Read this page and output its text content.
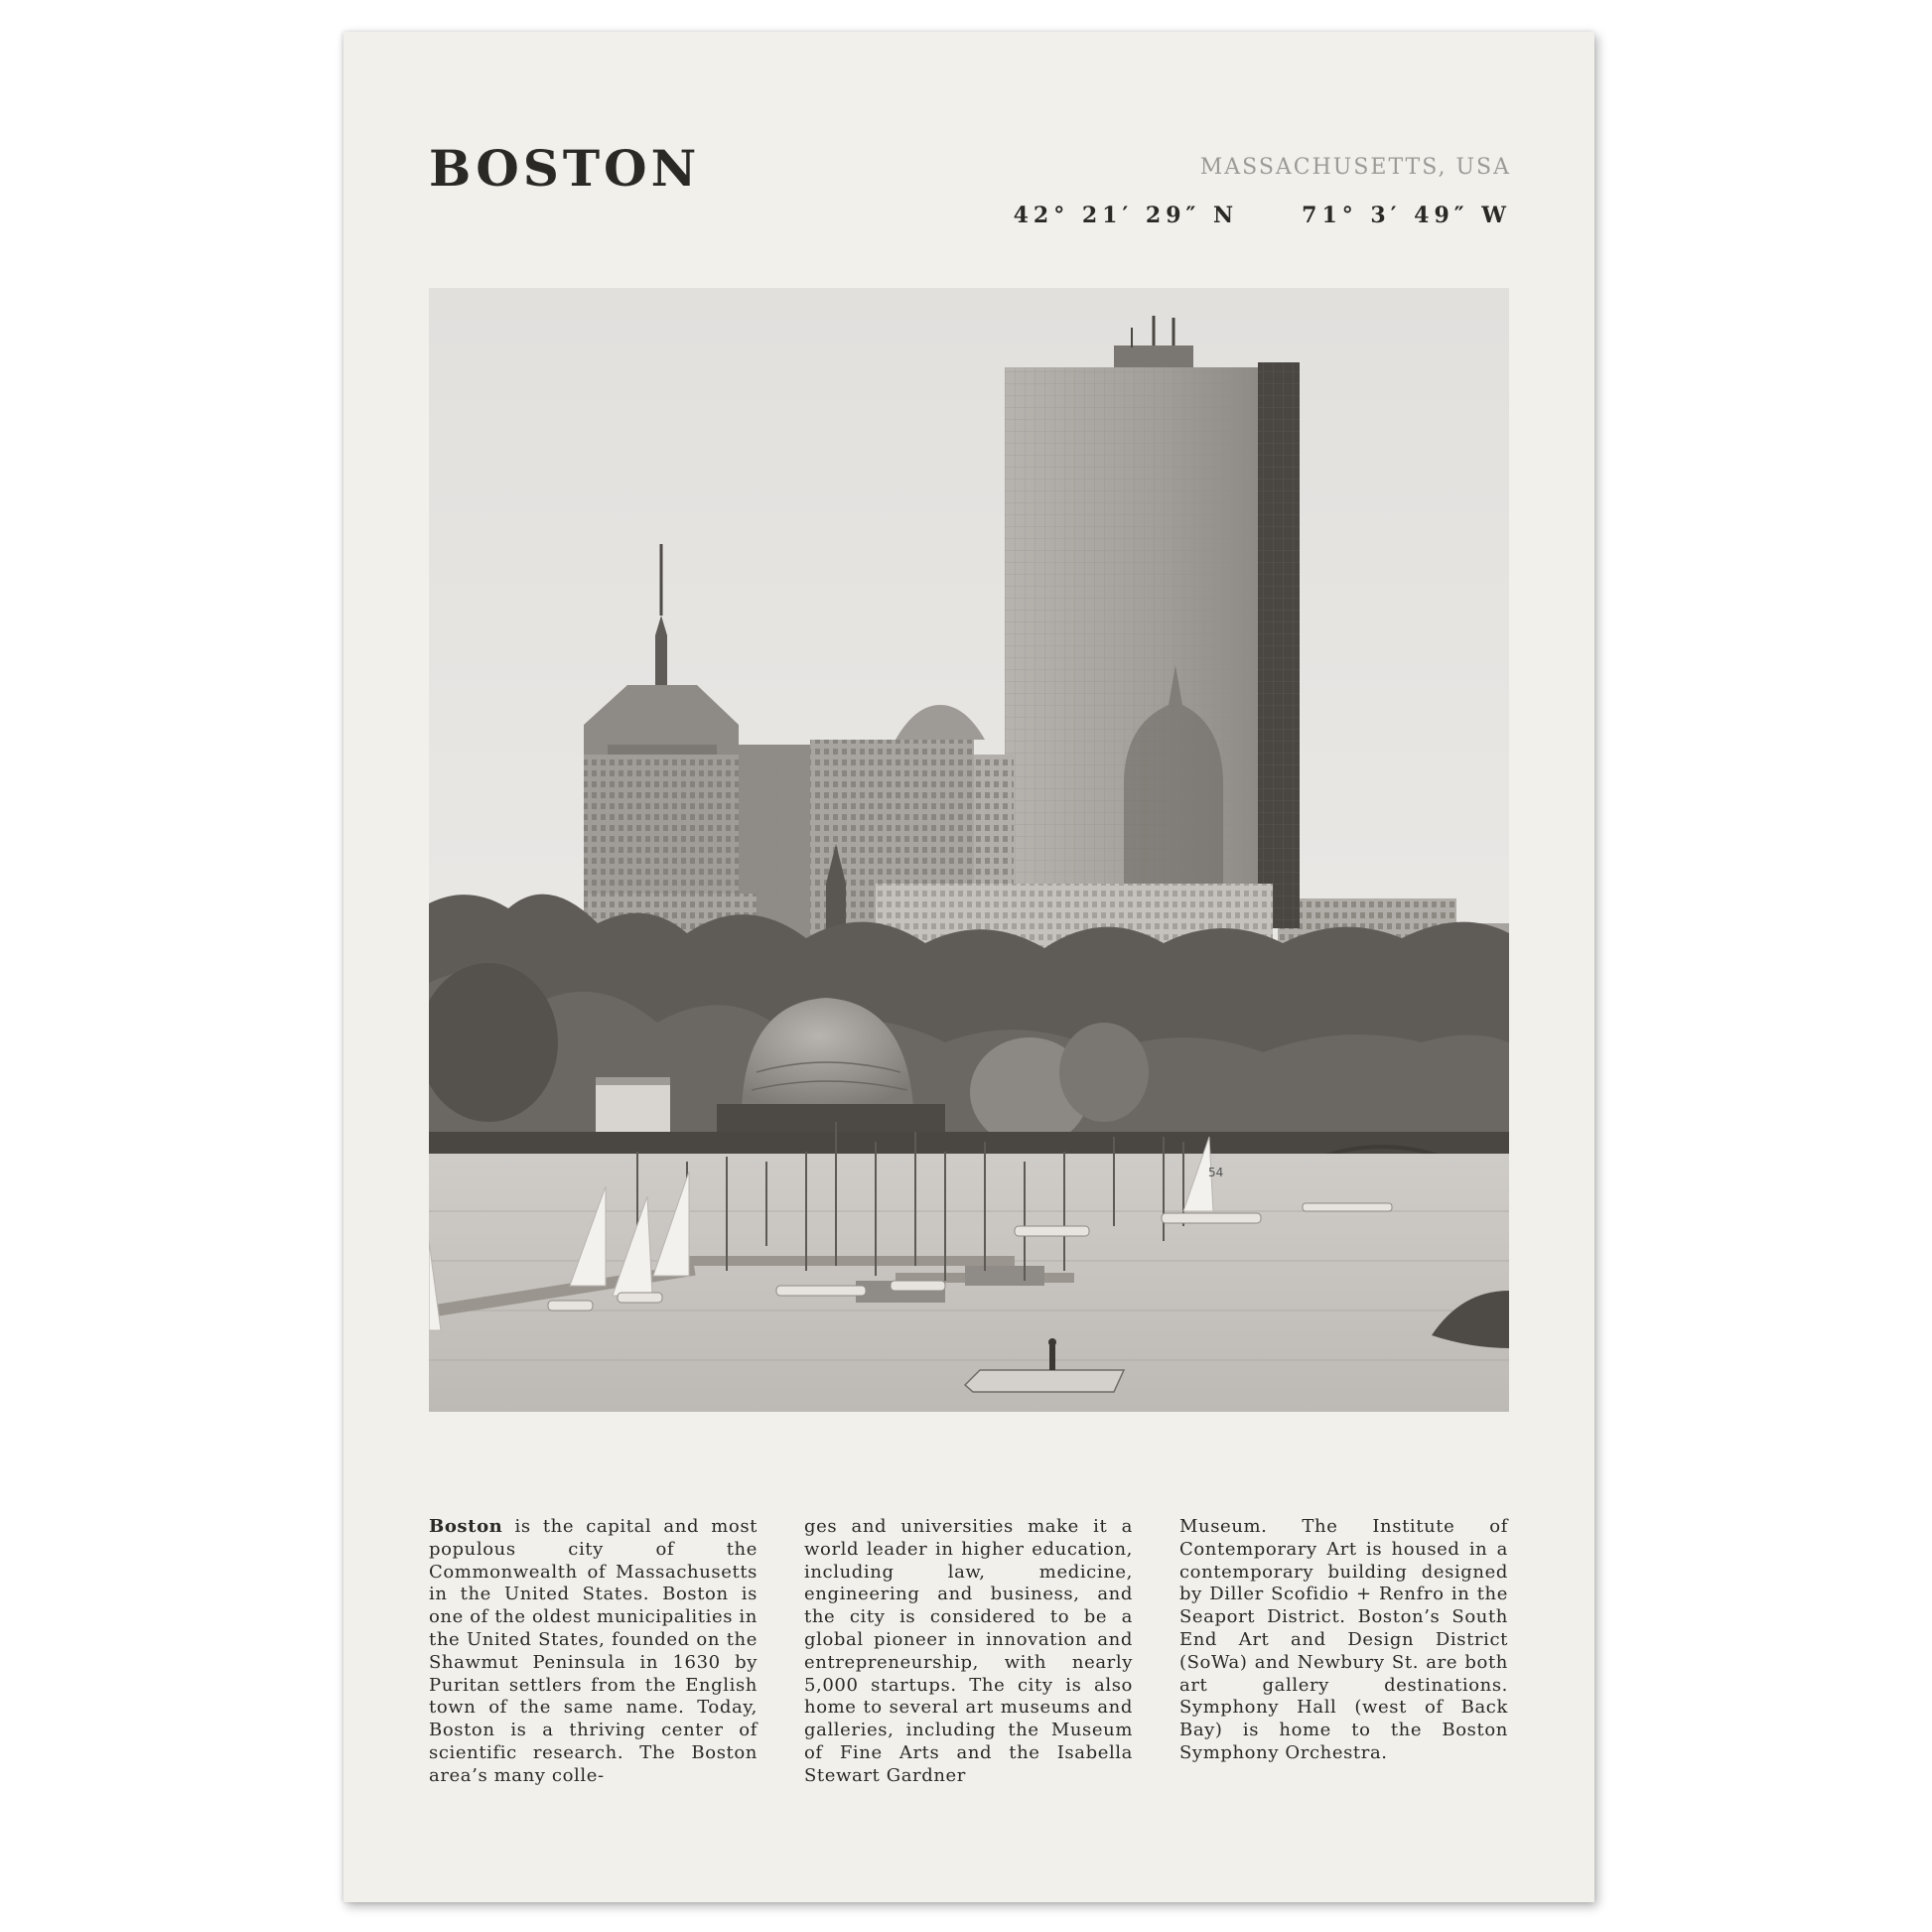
BOSTON	MASSACHUSETTS, USA
42° 21′ 29″ N	71° 3′ 49″ W
54
Boston is the capital and most populous city of the Commonwealth of Massachusetts in the United States. Boston is one of the oldest municipalities in the United States, founded on the Shawmut Peninsula in 1630 by Puritan settlers from the English town of the same name. Today, Boston is a thriving center of scientific research. The Boston area’s many colle-
ges and universities make it a world leader in higher education, including law, medicine, engineering and business, and the city is considered to be a global pioneer in innovation and entrepreneurship, with nearly 5,000 startups. The city is also home to several art museums and galleries, including the Museum of Fine Arts and the Isabella Stewart Gardner
Museum. The Institute of Contemporary Art is housed in a contemporary building designed by Diller Scofidio + Renfro in the Seaport District. Boston’s South End Art and Design District (SoWa) and Newbury St. are both art gallery destinations. Symphony Hall (west of Back Bay) is home to the Boston Symphony Orchestra.
